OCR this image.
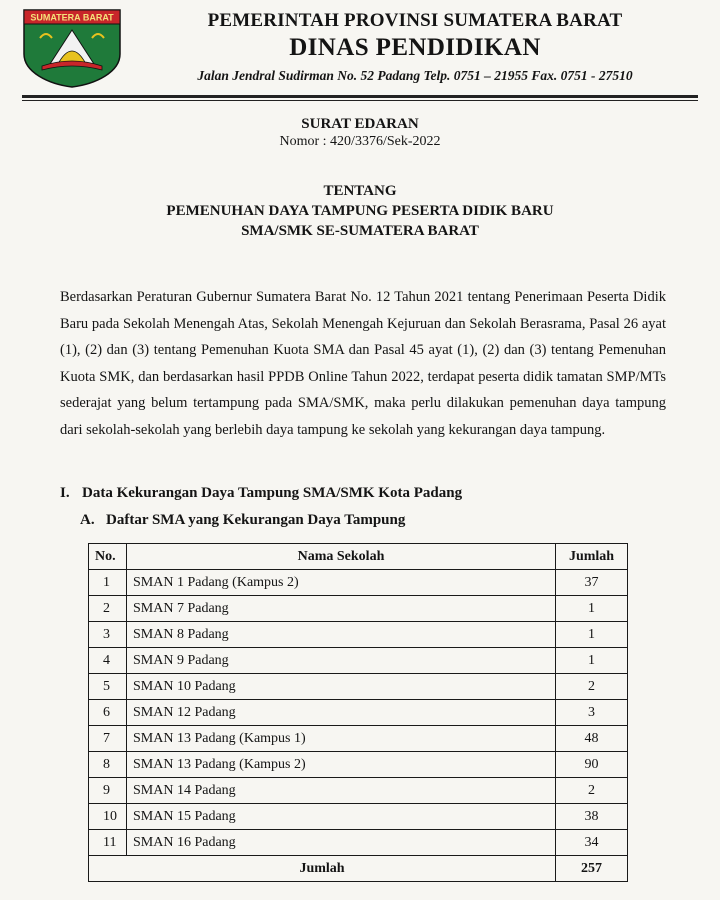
SUMATERA BARAT	PEMERINTAH PROVINSI SUMATERA BARAT
DINAS PENDIDIKAN
Jalan Jendral Sudirman No. 52 Padang Telp. 0751 – 21955 Fax. 0751 - 27510
SURAT EDARAN
Nomor : 420/3376/Sek-2022
TENTANG
PEMENUHAN DAYA TAMPUNG PESERTA DIDIK BARU
SMA/SMK SE-SUMATERA BARAT

Berdasarkan Peraturan Gubernur Sumatera Barat No. 12 Tahun 2021 tentang Penerimaan Peserta Didik Baru pada Sekolah Menengah Atas, Sekolah Menengah Kejuruan dan Sekolah Berasrama, Pasal 26 ayat (1), (2) dan (3) tentang Pemenuhan Kuota SMA dan Pasal 45 ayat (1), (2) dan (3) tentang Pemenuhan Kuota SMK, dan berdasarkan hasil PPDB Online Tahun 2022, terdapat peserta didik tamatan SMP/MTs sederajat yang belum tertampung pada SMA/SMK, maka perlu dilakukan pemenuhan daya tampung dari sekolah-sekolah yang berlebih daya tampung ke sekolah yang kekurangan daya tampung.

I. Data Kekurangan Daya Tampung SMA/SMK Kota Padang
A. Daftar SMA yang Kekurangan Daya Tampung
No.	Nama Sekolah	Jumlah
1	SMAN 1 Padang (Kampus 2)	37
2	SMAN 7 Padang	1
3	SMAN 8 Padang	1
4	SMAN 9 Padang	1
5	SMAN 10 Padang	2
6	SMAN 12 Padang	3
7	SMAN 13 Padang (Kampus 1)	48
8	SMAN 13 Padang (Kampus 2)	90
9	SMAN 14 Padang	2
10	SMAN 15 Padang	38
11	SMAN 16 Padang	34
Jumlah		257
